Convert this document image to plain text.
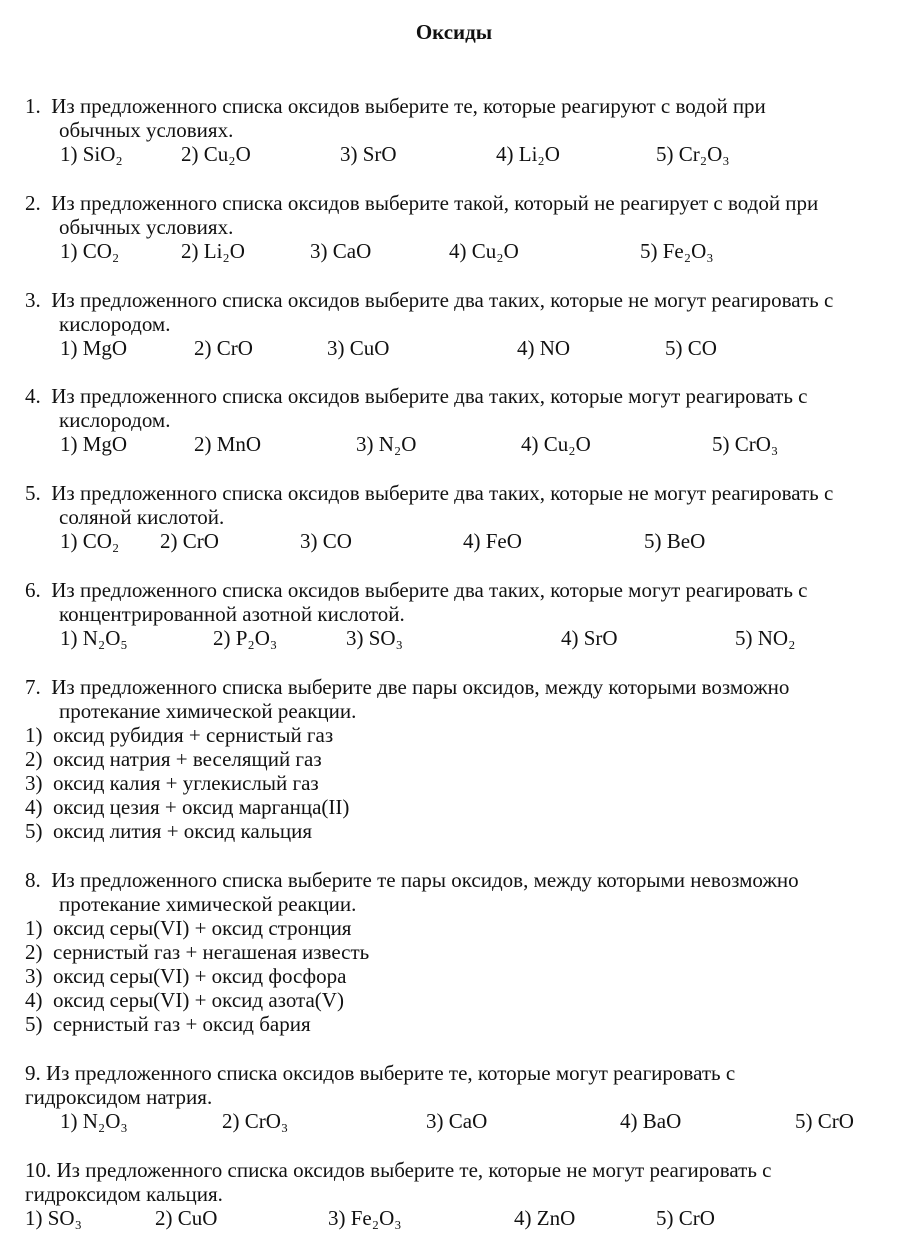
Оксиды
1.  Из предложенного списка оксидов выберите те, которые реагируют с водой при
обычных условиях.
1) SiO₂	2) Cu₂O	3) SrO	4) Li₂O	5) Cr₂O₃
2.  Из предложенного списка оксидов выберите такой, который не реагирует с водой при
обычных условиях.
1) CO₂	2) Li₂O	3) CaO	4) Cu₂O	5) Fe₂O₃
3.  Из предложенного списка оксидов выберите два таких, которые не могут реагировать с
кислородом.
1) MgO	2) CrO	3) CuO	4) NO	5) CO
4.  Из предложенного списка оксидов выберите два таких, которые могут реагировать с
кислородом.
1) MgO	2) MnO	3) N₂O	4) Cu₂O	5) CrO₃
5.  Из предложенного списка оксидов выберите два таких, которые не могут реагировать с
соляной кислотой.
1) CO₂ 2) CrO	3) CO	4) FeO	5) BeO
6.  Из предложенного списка оксидов выберите два таких, которые могут реагировать с
концентрированной азотной кислотой.
1) N₂O₅	2) P₂O₃	3) SO₃	4) SrO	5) NO₂
7.  Из предложенного списка выберите две пары оксидов, между которыми возможно
протекание химической реакции.
1)  оксид рубидия + сернистый газ
2)  оксид натрия + веселящий газ
3)  оксид калия + углекислый газ
4)  оксид цезия + оксид марганца(II)
5)  оксид лития + оксид кальция
8.  Из предложенного списка выберите те пары оксидов, между которыми невозможно
протекание химической реакции.
1)  оксид серы(VI) + оксид стронция
2)  сернистый газ + негашеная известь
3)  оксид серы(VI) + оксид фосфора
4)  оксид серы(VI) + оксид азота(V)
5)  сернистый газ + оксид бария
9. Из предложенного списка оксидов выберите те, которые могут реагировать с
гидроксидом натрия.
1) N₂O₃	2) CrO₃	3) CaO	4) BaO	5) CrO
10. Из предложенного списка оксидов выберите те, которые не могут реагировать с
гидроксидом кальция.
1) SO₃	2) CuO	3) Fe₂O₃	4) ZnO	5) CrO
